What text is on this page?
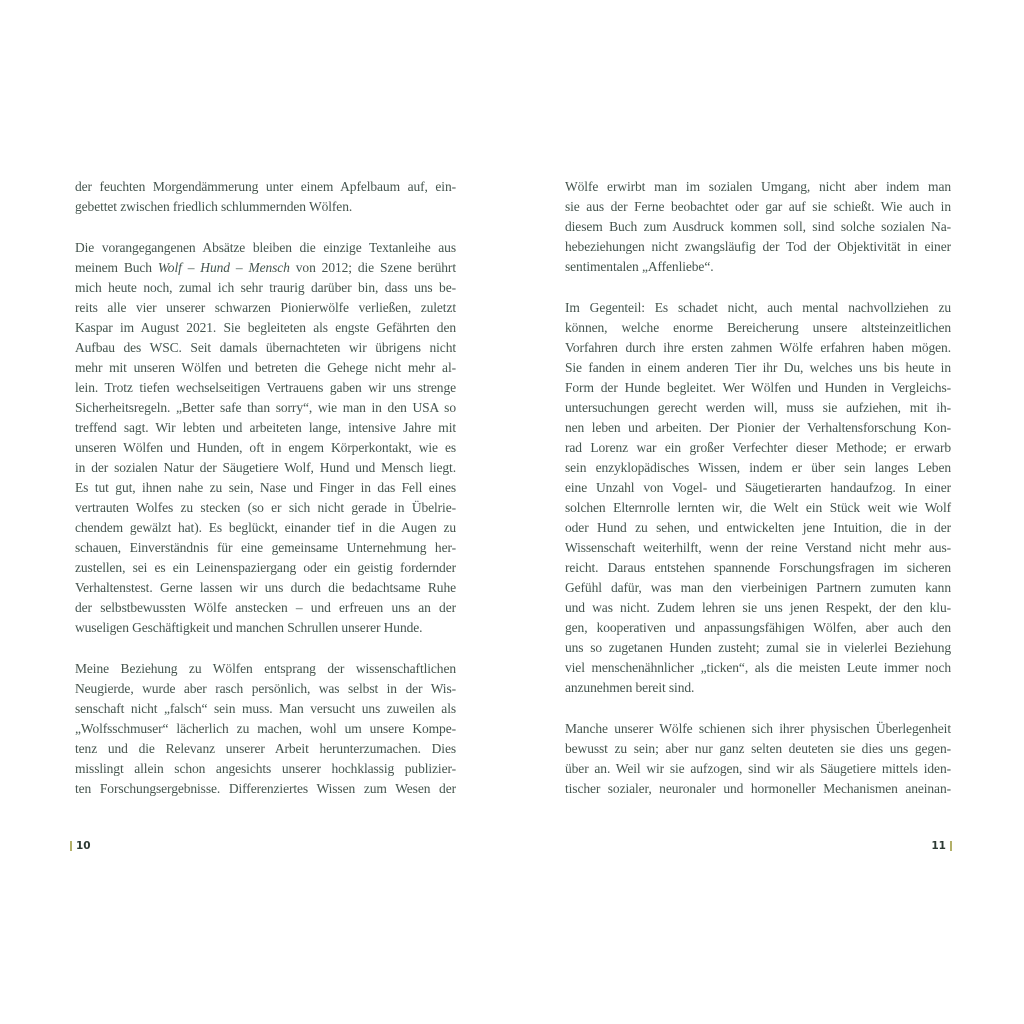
der feuchten Morgendämmerung unter einem Apfelbaum auf, ein-
gebettet zwischen friedlich schlummernden Wölfen.
Die vorangegangenen Absätze bleiben die einzige Textanleihe aus
meinem Buch Wolf – Hund – Mensch von 2012; die Szene berührt
mich heute noch, zumal ich sehr traurig darüber bin, dass uns be-
reits alle vier unserer schwarzen Pionierwölfe verließen, zuletzt
Kaspar im August 2021. Sie begleiteten als engste Gefährten den
Aufbau des WSC. Seit damals übernachteten wir übrigens nicht
mehr mit unseren Wölfen und betreten die Gehege nicht mehr al-
lein. Trotz tiefen wechselseitigen Vertrauens gaben wir uns strenge
Sicherheitsregeln. „Better safe than sorry“, wie man in den USA so
treffend sagt. Wir lebten und arbeiteten lange, intensive Jahre mit
unseren Wölfen und Hunden, oft in engem Körperkontakt, wie es
in der sozialen Natur der Säugetiere Wolf, Hund und Mensch liegt.
Es tut gut, ihnen nahe zu sein, Nase und Finger in das Fell eines
vertrauten Wolfes zu stecken (so er sich nicht gerade in Übelrie-
chendem gewälzt hat). Es beglückt, einander tief in die Augen zu
schauen, Einverständnis für eine gemeinsame Unternehmung her-
zustellen, sei es ein Leinenspaziergang oder ein geistig fordernder
Verhaltenstest. Gerne lassen wir uns durch die bedachtsame Ruhe
der selbstbewussten Wölfe anstecken – und erfreuen uns an der
wuseligen Geschäftigkeit und manchen Schrullen unserer Hunde.
Meine Beziehung zu Wölfen entsprang der wissenschaftlichen
Neugierde, wurde aber rasch persönlich, was selbst in der Wis-
senschaft nicht „falsch“ sein muss. Man versucht uns zuweilen als
„Wolfsschmuser“ lächerlich zu machen, wohl um unsere Kompe-
tenz und die Relevanz unserer Arbeit herunterzumachen. Dies
misslingt allein schon angesichts unserer hochklassig publizier-
ten Forschungsergebnisse. Differenziertes Wissen zum Wesen der
Wölfe erwirbt man im sozialen Umgang, nicht aber indem man
sie aus der Ferne beobachtet oder gar auf sie schießt. Wie auch in
diesem Buch zum Ausdruck kommen soll, sind solche sozialen Na-
hebeziehungen nicht zwangsläufig der Tod der Objektivität in einer
sentimentalen „Affenliebe“.
Im Gegenteil: Es schadet nicht, auch mental nachvollziehen zu
können, welche enorme Bereicherung unsere altsteinzeitlichen
Vorfahren durch ihre ersten zahmen Wölfe erfahren haben mögen.
Sie fanden in einem anderen Tier ihr Du, welches uns bis heute in
Form der Hunde begleitet. Wer Wölfen und Hunden in Vergleichs-
untersuchungen gerecht werden will, muss sie aufziehen, mit ih-
nen leben und arbeiten. Der Pionier der Verhaltensforschung Kon-
rad Lorenz war ein großer Verfechter dieser Methode; er erwarb
sein enzyklopädisches Wissen, indem er über sein langes Leben
eine Unzahl von Vogel- und Säugetierarten handaufzog. In einer
solchen Elternrolle lernten wir, die Welt ein Stück weit wie Wolf
oder Hund zu sehen, und entwickelten jene Intuition, die in der
Wissenschaft weiterhilft, wenn der reine Verstand nicht mehr aus-
reicht. Daraus entstehen spannende Forschungsfragen im sicheren
Gefühl dafür, was man den vierbeinigen Partnern zumuten kann
und was nicht. Zudem lehren sie uns jenen Respekt, der den klu-
gen, kooperativen und anpassungsfähigen Wölfen, aber auch den
uns so zugetanen Hunden zusteht; zumal sie in vielerlei Beziehung
viel menschenähnlicher „ticken“, als die meisten Leute immer noch
anzunehmen bereit sind.
Manche unserer Wölfe schienen sich ihrer physischen Überlegenheit
bewusst zu sein; aber nur ganz selten deuteten sie dies uns gegen-
über an. Weil wir sie aufzogen, sind wir als Säugetiere mittels iden-
tischer sozialer, neuronaler und hormoneller Mechanismen aneinan-
10	11
